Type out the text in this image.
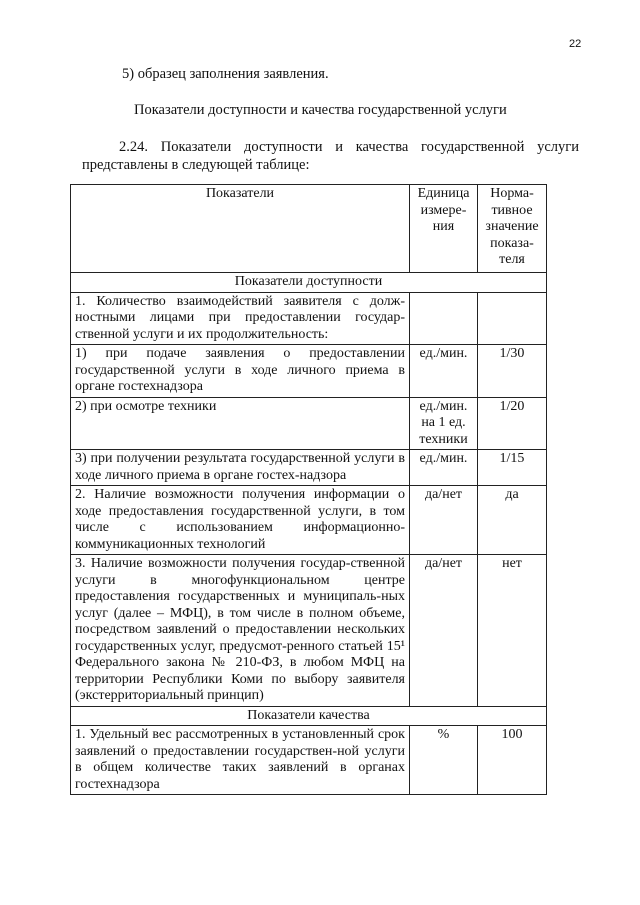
22
5) образец заполнения заявления.
Показатели доступности и качества государственной услуги
2.24. Показатели доступности и качества государственной услуги представлены в следующей таблице:
Показатели	Единица измере-ния	Норма-тивное значение показа-теля
Показатели доступности		
1. Количество взаимодействий заявителя с долж-ностными лицами при предоставлении государ-ственной услуги и их продолжительность:		
1) при подаче заявления о предоставлении государственной услуги в ходе личного приема в органе гостехнадзора	ед./мин.	1/30
2) при осмотре техники	ед./мин. на 1 ед. техники	1/20
3) при получении результата государственной услуги в ходе личного приема в органе гостех-надзора	ед./мин.	1/15
2. Наличие возможности получения информации о ходе предоставления государственной услуги, в том числе с использованием информационно-коммуникационных технологий	да/нет	да
3. Наличие возможности получения государ-ственной услуги в многофункциональном центре предоставления государственных и муниципаль-ных услуг (далее – МФЦ), в том числе в полном объеме, посредством заявлений о предоставлении нескольких государственных услуг, предусмот-ренного статьей 15¹ Федерального закона № 210-ФЗ, в любом МФЦ на территории Республики Коми по выбору заявителя (экстерриториальный принцип)	да/нет	нет
Показатели качества		
1. Удельный вес рассмотренных в установленный срок заявлений о предоставлении государствен-ной услуги в общем количестве таких заявлений в органах гостехнадзора	%	100
